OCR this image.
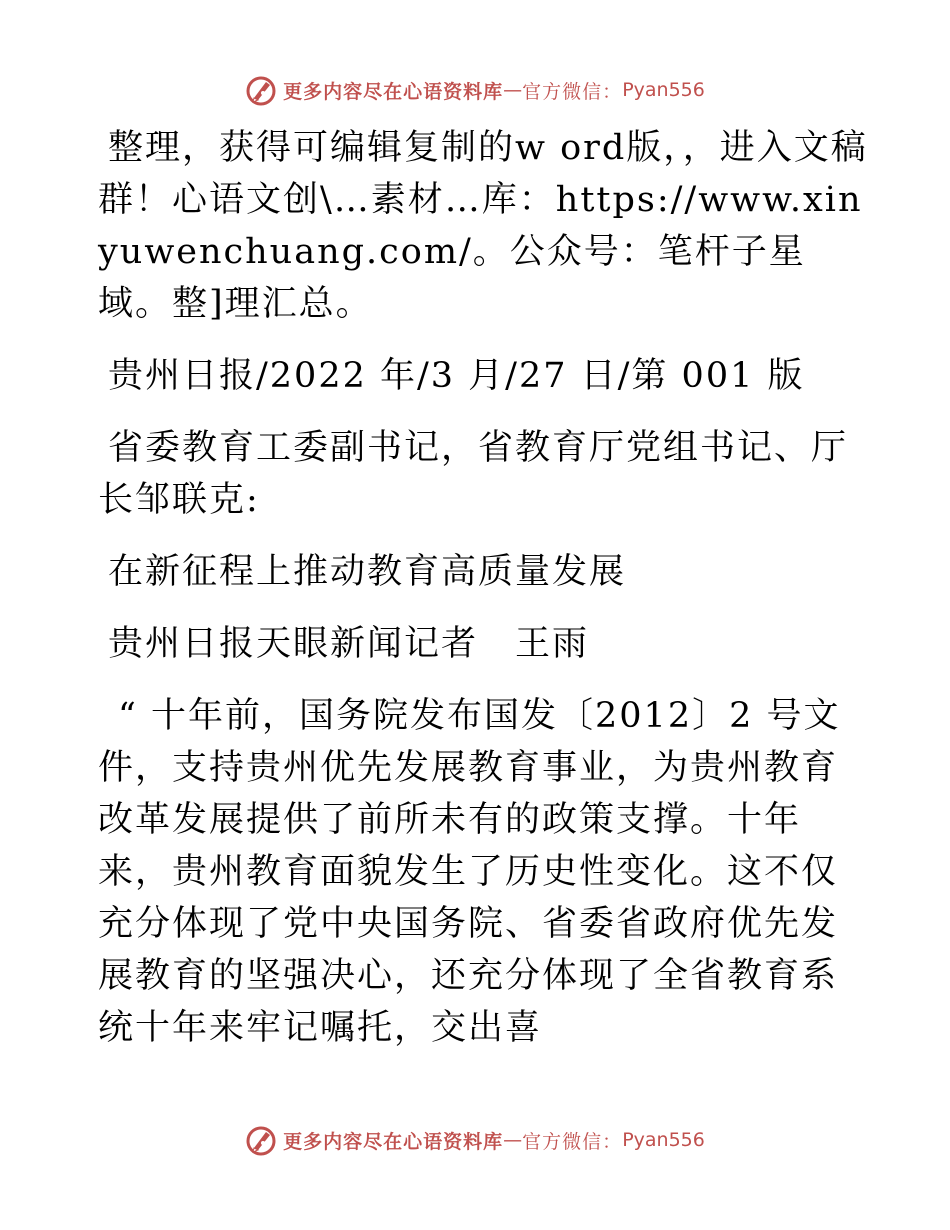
更多内容尽在心语资料库 — 官方微信： Pyan556

整理，获得可编辑复制的w ord版，，进入文稿群！心语文创\…素材…库：https://www.xinyuwenchuang.com/。公众号：笔杆子星域。整]理汇总。

贵州日报/2022 年/3 月/27 日/第 001 版

省委教育工委副书记，省教育厅党组书记、厅长邹联克:

在新征程上推动教育高质量发展

贵州日报天眼新闻记者　王雨

“ 十年前，国务院发布国发〔2012〕2 号文件，支持贵州优先发展教育事业，为贵州教育改革发展提供了前所未有的政策支撑。十年来，贵州教育面貌发生了历史性变化。这不仅充分体现了党中央国务院、省委省政府优先发展教育的坚强决心，还充分体现了全省教育系统十年来牢记嘱托，交出喜

更多内容尽在心语资料库 — 官方微信： Pyan556
